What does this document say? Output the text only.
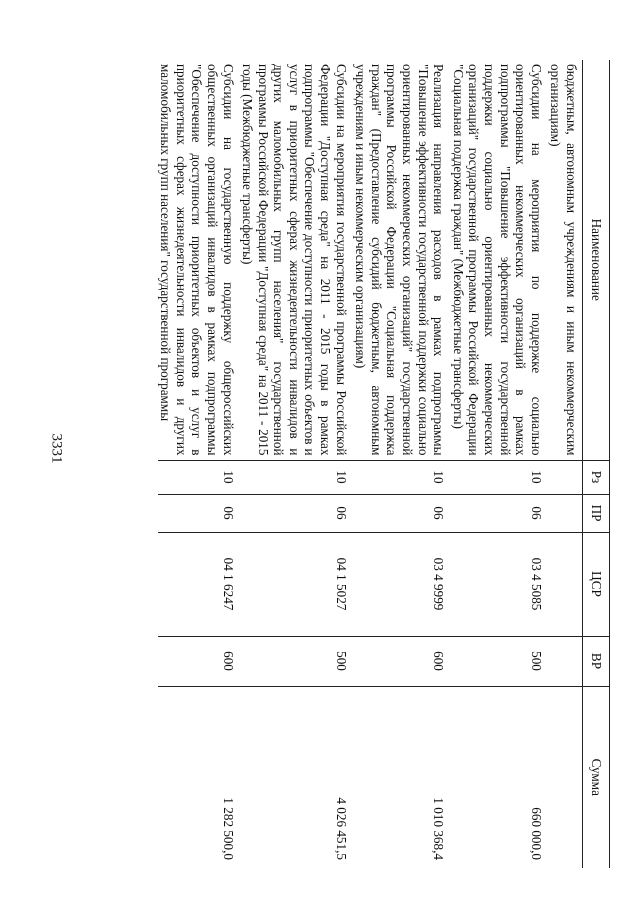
3331
Наименование	Рз	ПР	ЦСР	ВР	Сумма
бюджетным, автономным учреждениям и иным некоммерческим организациям)					
Субсидии на мероприятия по поддержке социально ориентированных некоммерческих организаций в рамках подпрограммы "Повышение эффективности государственной поддержки социально ориентированных некоммерческих организаций" государственной программы Российской Федерации "Социальная поддержка граждан" (Межбюджетные трансферты)	10	06	03 4 5085	500	660 000,0
Реализация направления расходов в рамках подпрограммы "Повышение эффективности государственной поддержки социально ориентированных некоммерческих организаций" государственной программы Российской Федерации "Социальная поддержка граждан" (Предоставление субсидий бюджетным, автономным учреждениям и иным некоммерческим организациям)	10	06	03 4 9999	600	1 010 368,4
Субсидии на мероприятия государственной программы Российской Федерации "Доступная среда" на 2011 - 2015 годы в рамках подпрограммы "Обеспечение доступности приоритетных объектов и услуг в приоритетных сферах жизнедеятельности инвалидов и других маломобильных групп населения" государственной программы Российской Федерации "Доступная среда" на 2011 - 2015 годы (Межбюджетные трансферты)	10	06	04 1 5027	500	4 026 451,5
Субсидии на государственную поддержку общероссийских общественных организаций инвалидов в рамках подпрограммы "Обеспечение доступности приоритетных объектов и услуг в приоритетных сферах жизнедеятельности инвалидов и других маломобильных групп населения" государственной программы	10	06	04 1 6247	600	1 282 500,0
